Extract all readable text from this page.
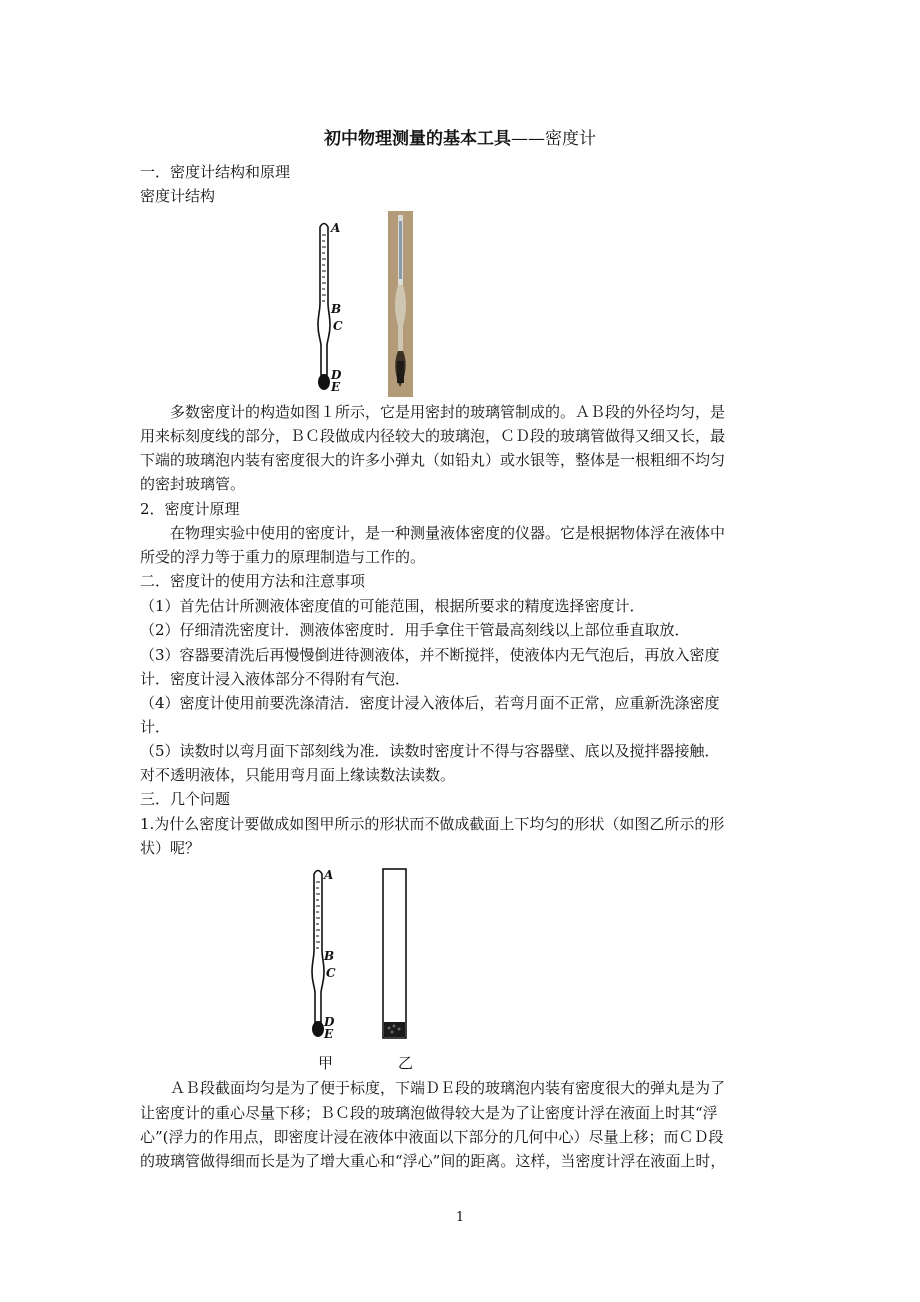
初中物理测量的基本工具——密度计
一．密度计结构和原理
密度计结构
A
B
C
D
E
多数密度计的构造如图１所示，它是用密封的玻璃管制成的。ＡＢ段的外径均匀，是
用来标刻度线的部分，ＢＣ段做成内径较大的玻璃泡，ＣＤ段的玻璃管做得又细又长，最
下端的玻璃泡内装有密度很大的许多小弹丸（如铅丸）或水银等，整体是一根粗细不均匀
的密封玻璃管。
2．密度计原理
在物理实验中使用的密度计，是一种测量液体密度的仪器。它是根据物体浮在液体中
所受的浮力等于重力的原理制造与工作的。
二．密度计的使用方法和注意事项
（1）首先估计所测液体密度值的可能范围，根据所要求的精度选择密度计．
（2）仔细清洗密度计．测液体密度时．用手拿住干管最高刻线以上部位垂直取放．
（3）容器要清洗后再慢慢倒进待测液体，并不断搅拌，使液体内无气泡后，再放入密度
计．密度计浸入液体部分不得附有气泡．
（4）密度计使用前要洗涤清洁．密度计浸入液体后，若弯月面不正常，应重新洗涤密度
计．
（5）读数时以弯月面下部刻线为准．读数时密度计不得与容器壁、底以及搅拌器接触．
对不透明液体，只能用弯月面上缘读数法读数。
三．几个问题
1.为什么密度计要做成如图甲所示的形状而不做成截面上下均匀的形状（如图乙所示的形
状）呢？
A
B
C
D
E
甲	乙
ＡＢ段截面均匀是为了便于标度，下端ＤＥ段的玻璃泡内装有密度很大的弹丸是为了
让密度计的重心尽量下移；ＢＣ段的玻璃泡做得较大是为了让密度计浮在液面上时其“浮
心”(浮力的作用点，即密度计浸在液体中液面以下部分的几何中心）尽量上移；而ＣＤ段
的玻璃管做得细而长是为了增大重心和“浮心”间的距离。这样，当密度计浮在液面上时，
1
